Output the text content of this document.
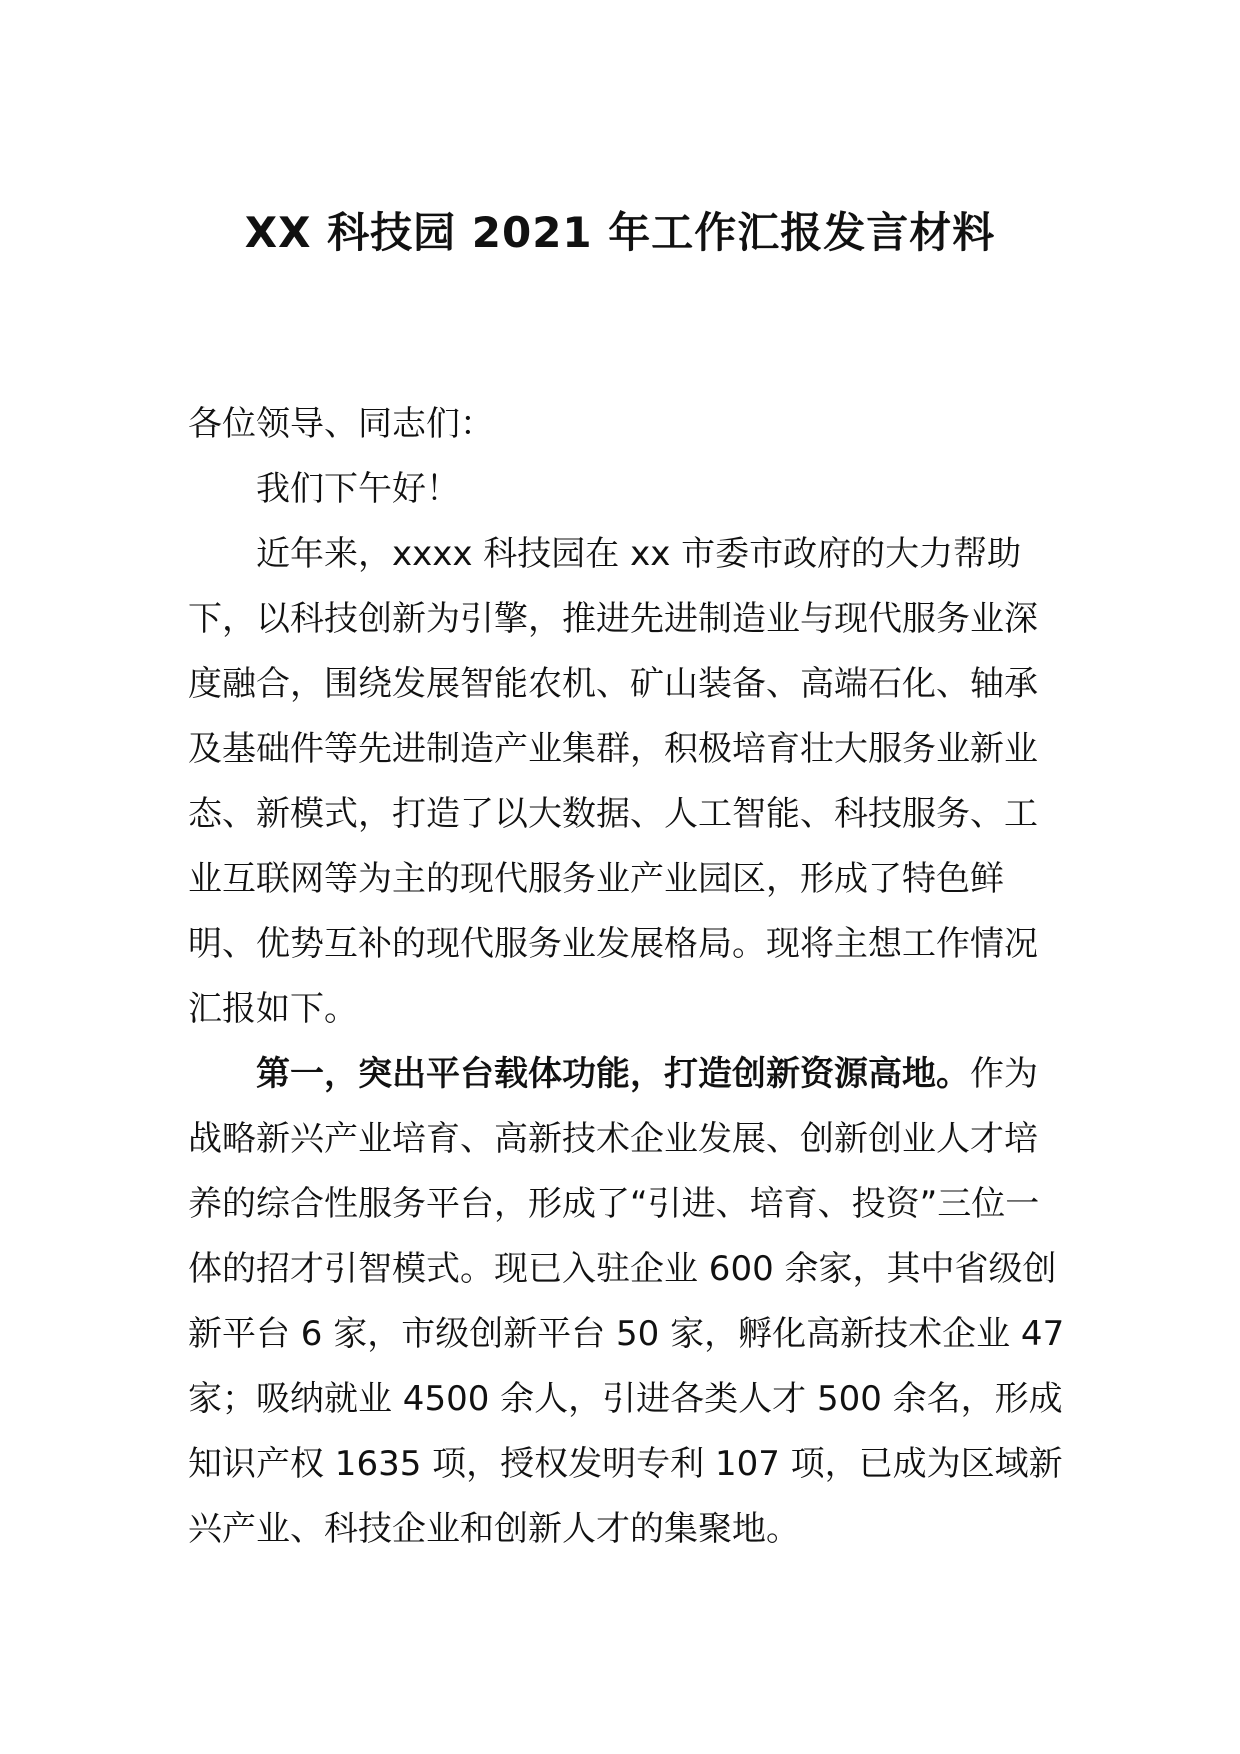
XX 科技园 2021 年工作汇报发言材料

各位领导、同志们：

我们下午好！

近年来，xxxx 科技园在 xx 市委市政府的大力帮助下，以科技创新为引擎，推进先进制造业与现代服务业深度融合，围绕发展智能农机、矿山装备、高端石化、轴承及基础件等先进制造产业集群，积极培育壮大服务业新业态、新模式，打造了以大数据、人工智能、科技服务、工业互联网等为主的现代服务业产业园区，形成了特色鲜明、优势互补的现代服务业发展格局。现将主想工作情况汇报如下。

第一，突出平台载体功能，打造创新资源高地。作为战略新兴产业培育、高新技术企业发展、创新创业人才培养的综合性服务平台，形成了“引进、培育、投资”三位一体的招才引智模式。现已入驻企业 600 余家，其中省级创新平台 6 家，市级创新平台 50 家，孵化高新技术企业 47 家；吸纳就业 4500 余人，引进各类人才 500 余名，形成知识产权 1635 项，授权发明专利 107 项，已成为区域新兴产业、科技企业和创新人才的集聚地。
